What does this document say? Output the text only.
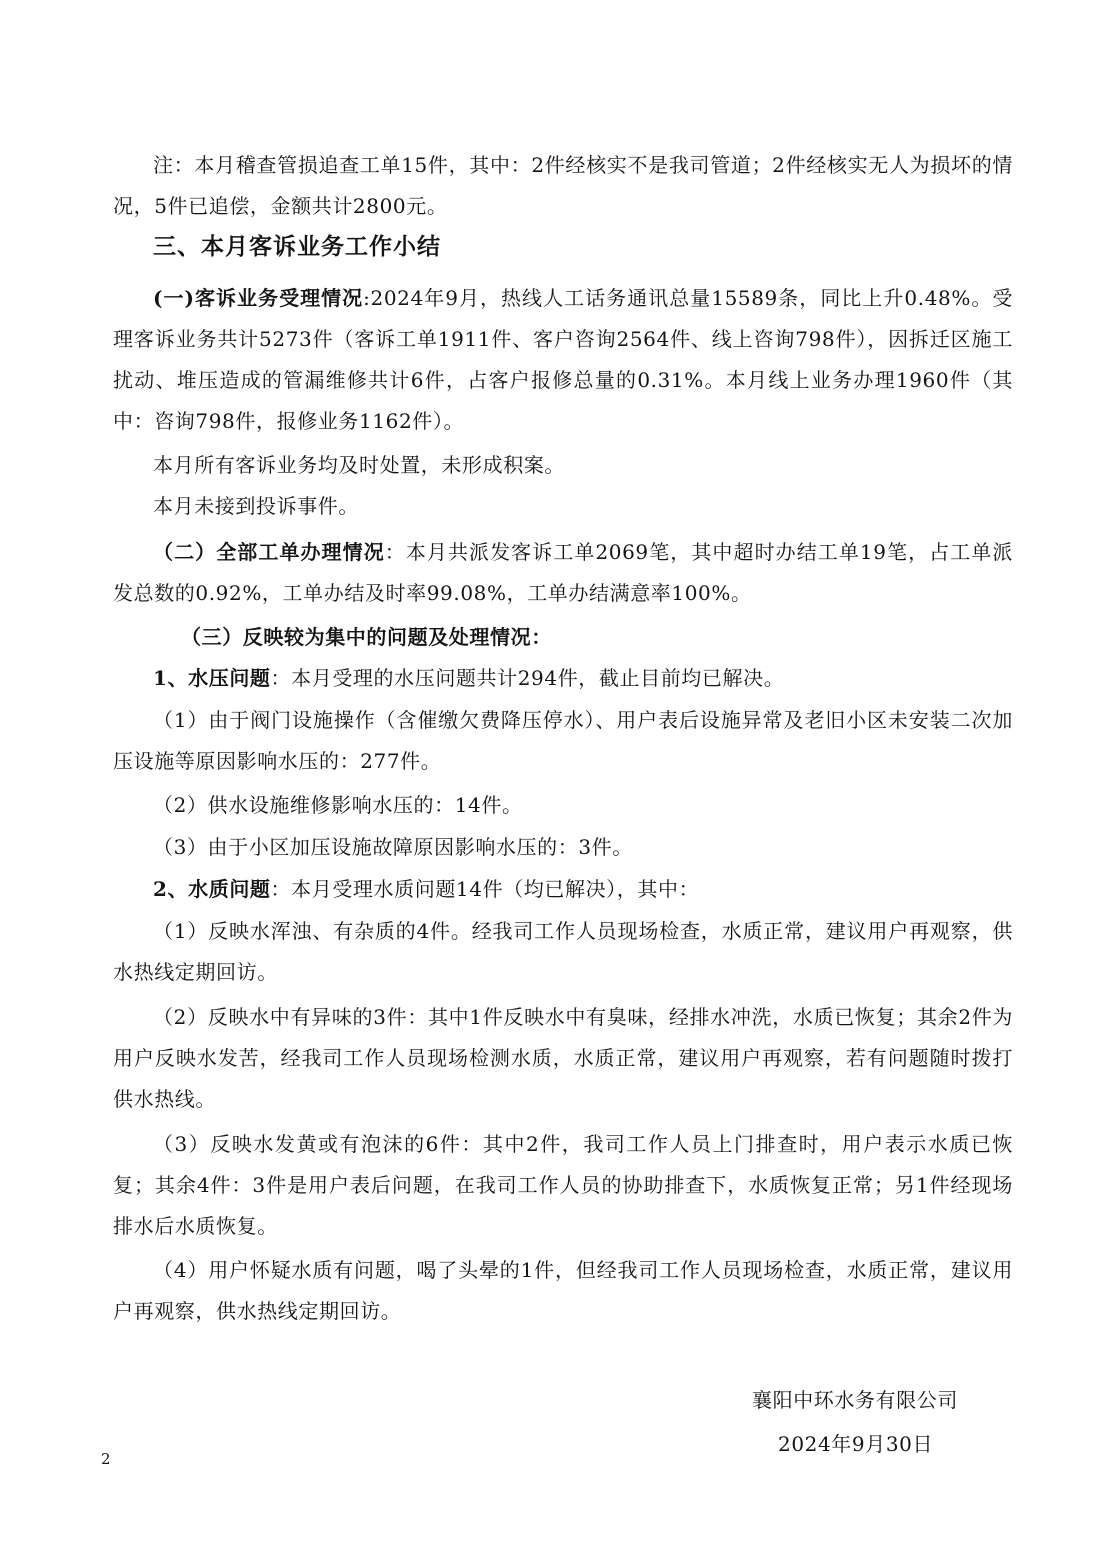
注：本月稽查管损追查工单15件，其中：2件经核实不是我司管道；2件经核实无人为损坏的情况，5件已追偿，金额共计2800元。

三、本月客诉业务工作小结

(一)客诉业务受理情况:2024年9月，热线人工话务通讯总量15589条，同比上升0.48%。受理客诉业务共计5273件（客诉工单1911件、客户咨询2564件、线上咨询798件），因拆迁区施工扰动、堆压造成的管漏维修共计6件，占客户报修总量的0.31%。本月线上业务办理1960件（其中：咨询798件，报修业务1162件）。

本月所有客诉业务均及时处置，未形成积案。

本月未接到投诉事件。

（二）全部工单办理情况：本月共派发客诉工单2069笔，其中超时办结工单19笔，占工单派发总数的0.92%，工单办结及时率99.08%，工单办结满意率100%。

（三）反映较为集中的问题及处理情况：

1、水压问题：本月受理的水压问题共计294件，截止目前均已解决。

（1）由于阀门设施操作（含催缴欠费降压停水）、用户表后设施异常及老旧小区未安装二次加压设施等原因影响水压的：277件。

（2）供水设施维修影响水压的：14件。

（3）由于小区加压设施故障原因影响水压的：3件。

2、水质问题：本月受理水质问题14件（均已解决），其中：

（1）反映水浑浊、有杂质的4件。经我司工作人员现场检查，水质正常，建议用户再观察，供水热线定期回访。

（2）反映水中有异味的3件：其中1件反映水中有臭味，经排水冲洗，水质已恢复；其余2件为用户反映水发苦，经我司工作人员现场检测水质，水质正常，建议用户再观察，若有问题随时拨打供水热线。

（3）反映水发黄或有泡沫的6件：其中2件，我司工作人员上门排查时，用户表示水质已恢复；其余4件：3件是用户表后问题，在我司工作人员的协助排查下，水质恢复正常；另1件经现场排水后水质恢复。

（4）用户怀疑水质有问题，喝了头晕的1件，但经我司工作人员现场检查，水质正常，建议用户再观察，供水热线定期回访。

襄阳中环水务有限公司

2024年9月30日

2
